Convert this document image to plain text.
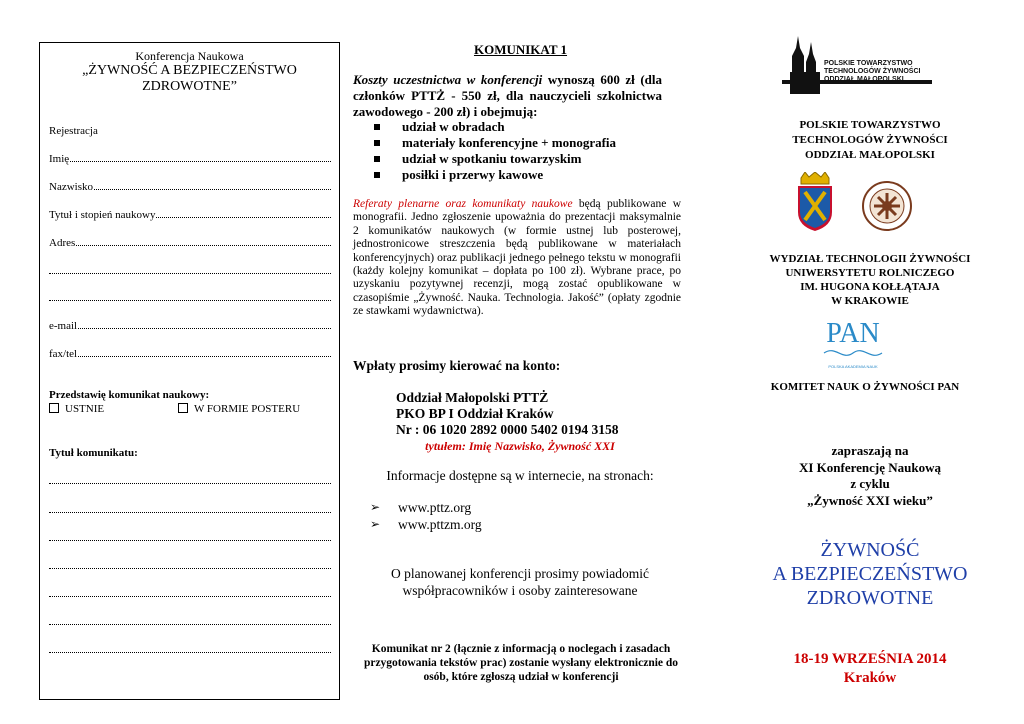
Konferencja Naukowa
„ŻYWNOŚĆ A BEZPIECZEŃSTWO
ZDROWOTNE”
Rejestracja
Imię
Nazwisko
Tytuł i stopień naukowy
Adres
e-mail
fax/tel
Przedstawię komunikat naukowy:
USTNIE	W FORMIE POSTERU
Tytuł komunikatu:
KOMUNIKAT 1
Koszty uczestnictwa w konferencji wynoszą 600 zł (dla członków PTTŻ - 550 zł, dla nauczycieli szkolnictwa zawodowego - 200 zł) i obejmują:
udział w obradach
materiały konferencyjne + monografia
udział w spotkaniu towarzyskim
posiłki i przerwy kawowe
Referaty plenarne oraz komunikaty naukowe będą publikowane w monografii. Jedno zgłoszenie upoważnia do prezentacji maksymalnie 2 komunikatów naukowych (w formie ustnej lub posterowej, jednostronicowe streszczenia będą publikowane w materiałach konferencyjnych) oraz publikacji jednego pełnego tekstu w monografii (każdy kolejny komunikat – dopłata po 100 zł). Wybrane prace, po uzyskaniu pozytywnej recenzji, mogą zostać opublikowane w czasopiśmie „Żywność. Nauka. Technologia. Jakość” (opłaty zgodnie ze stawkami wydawnictwa).
Wpłaty prosimy kierować na konto:
Oddział Małopolski PTTŻ
PKO BP I Oddział Kraków
Nr : 06 1020 2892 0000 5402 0194 3158
tytułem: Imię Nazwisko, Żywność XXI
Informacje dostępne są w internecie, na stronach:
➢ www.pttz.org
➢ www.pttzm.org
O planowanej konferencji prosimy powiadomić
współpracowników i osoby zainteresowane
Komunikat nr 2 (łącznie z informacją o noclegach i zasadach przygotowania tekstów prac) zostanie wysłany elektronicznie do osób, które zgłoszą udział w konferencji
POLSKIE TOWARZYSTWO
TECHNOLOGÓW ŻYWNOŚCI
ODDZIAŁ MAŁOPOLSKI
POLSKIE TOWARZYSTWO
TECHNOLOGÓW ŻYWNOŚCI
ODDZIAŁ MAŁOPOLSKI
WYDZIAŁ TECHNOLOGII ŻYWNOŚCI
UNIWERSYTETU ROLNICZEGO
IM. HUGONA KOŁŁĄTAJA
W KRAKOWIE
PAN
POLSKA AKADEMIA NAUK
KOMITET NAUK O ŻYWNOŚCI PAN
zapraszają na
XI Konferencję Naukową
z cyklu
„Żywność XXI wieku”
ŻYWNOŚĆ
A BEZPIECZEŃSTWO
ZDROWOTNE
18-19 WRZEŚNIA 2014
Kraków
